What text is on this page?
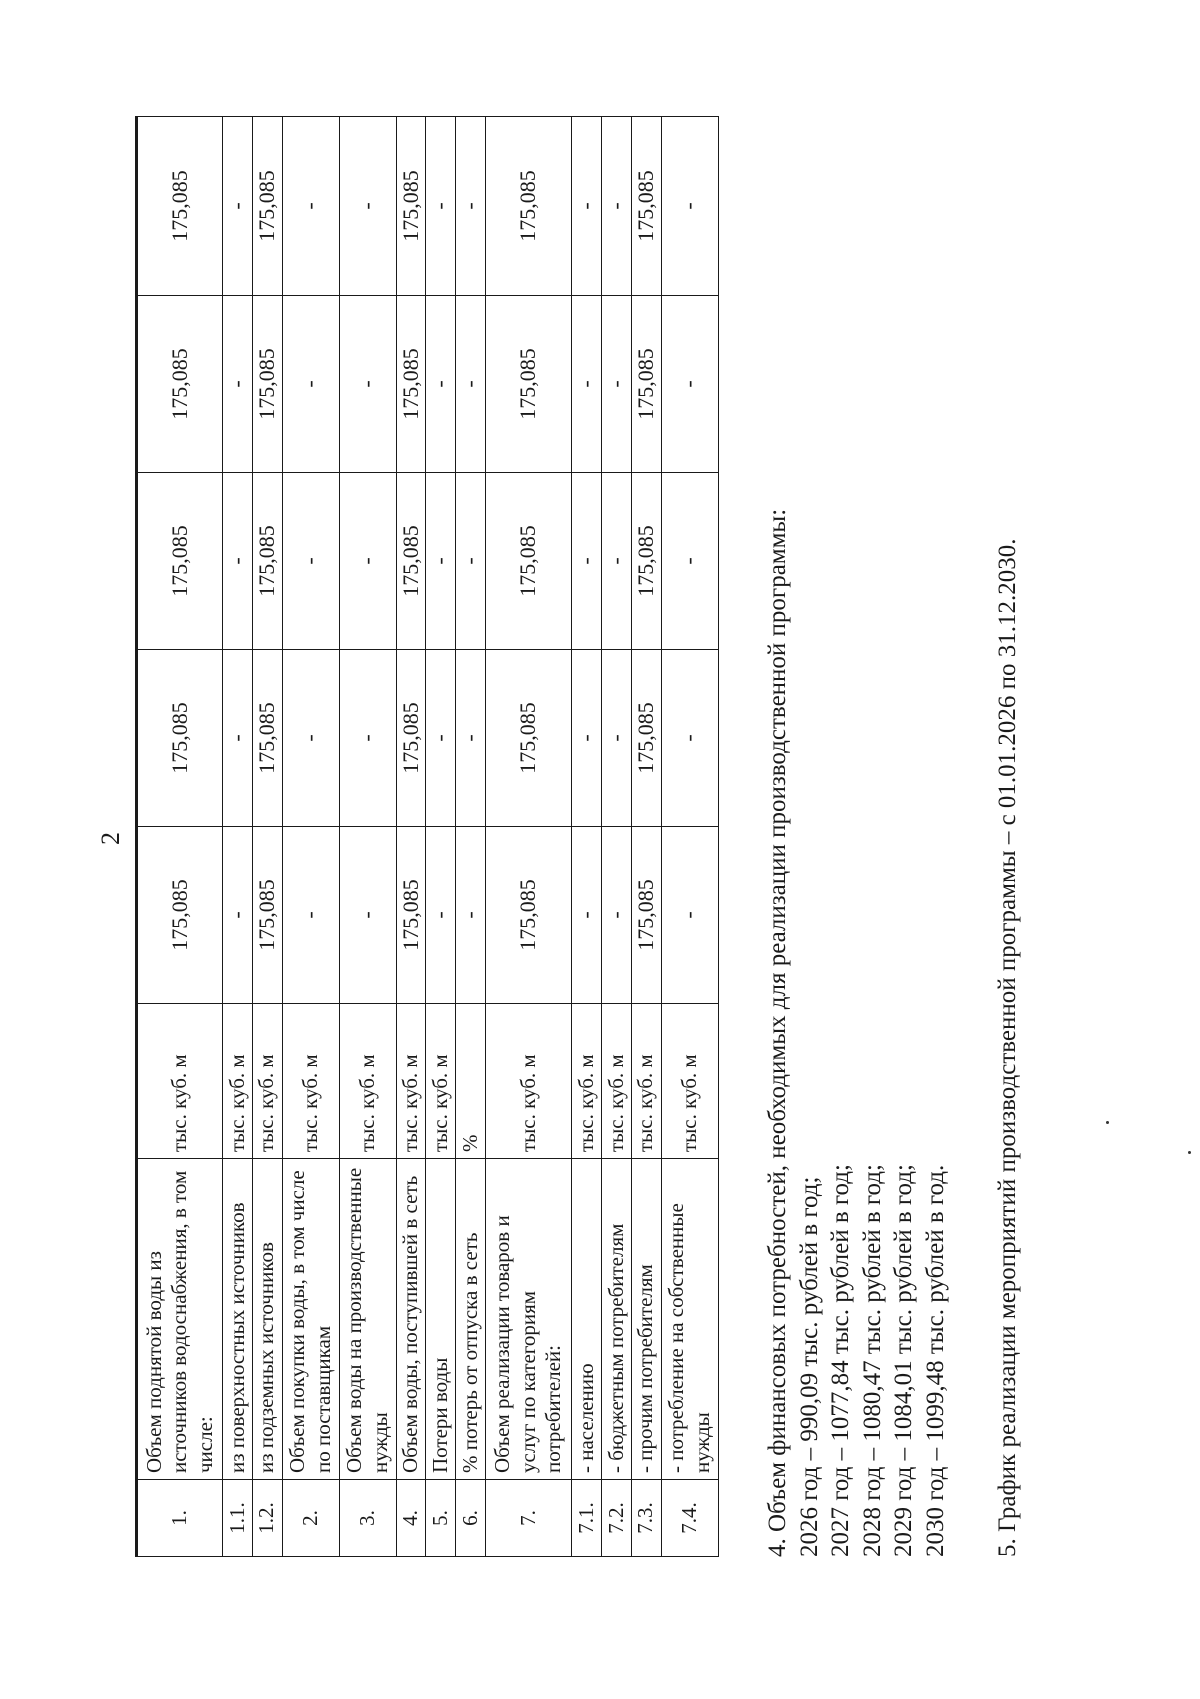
2
1.	Объем поднятой воды из источников водоснабжения, в том числе:	тыс. куб. м	175,085	175,085	175,085	175,085	175,085
1.1.	из поверхностных источников	тыс. куб. м	-	-	-	-	-
1.2.	из подземных источников	тыс. куб. м	175,085	175,085	175,085	175,085	175,085
2.	Объем покупки воды, в том числе по поставщикам	тыс. куб. м	-	-	-	-	-
3.	Объем воды на производственные нужды	тыс. куб. м	-	-	-	-	-
4.	Объем воды, поступившей в сеть	тыс. куб. м	175,085	175,085	175,085	175,085	175,085
5.	Потери воды	тыс. куб. м	-	-	-	-	-
6.	% потерь от отпуска в сеть	%	-	-	-	-	-
7.	Объем реализации товаров и услуг по категориям потребителей:	тыс. куб. м	175,085	175,085	175,085	175,085	175,085
7.1.	- населению	тыс. куб. м	-	-	-	-	-
7.2.	- бюджетным потребителям	тыс. куб. м	-	-	-	-	-
7.3.	- прочим потребителям	тыс. куб. м	175,085	175,085	175,085	175,085	175,085
7.4.	- потребление на собственные нужды	тыс. куб. м	-	-	-	-	-
4. Объем финансовых потребностей, необходимых для реализации производственной программы: 2026 год – 990,09 тыс. рублей в год; 2027 год – 1077,84 тыс. рублей в год; 2028 год – 1080,47 тыс. рублей в год; 2029 год – 1084,01 тыс. рублей в год; 2030 год – 1099,48 тыс. рублей в год. 5. График реализации мероприятий производственной программы – с 01.01.2026 по 31.12.2030.
